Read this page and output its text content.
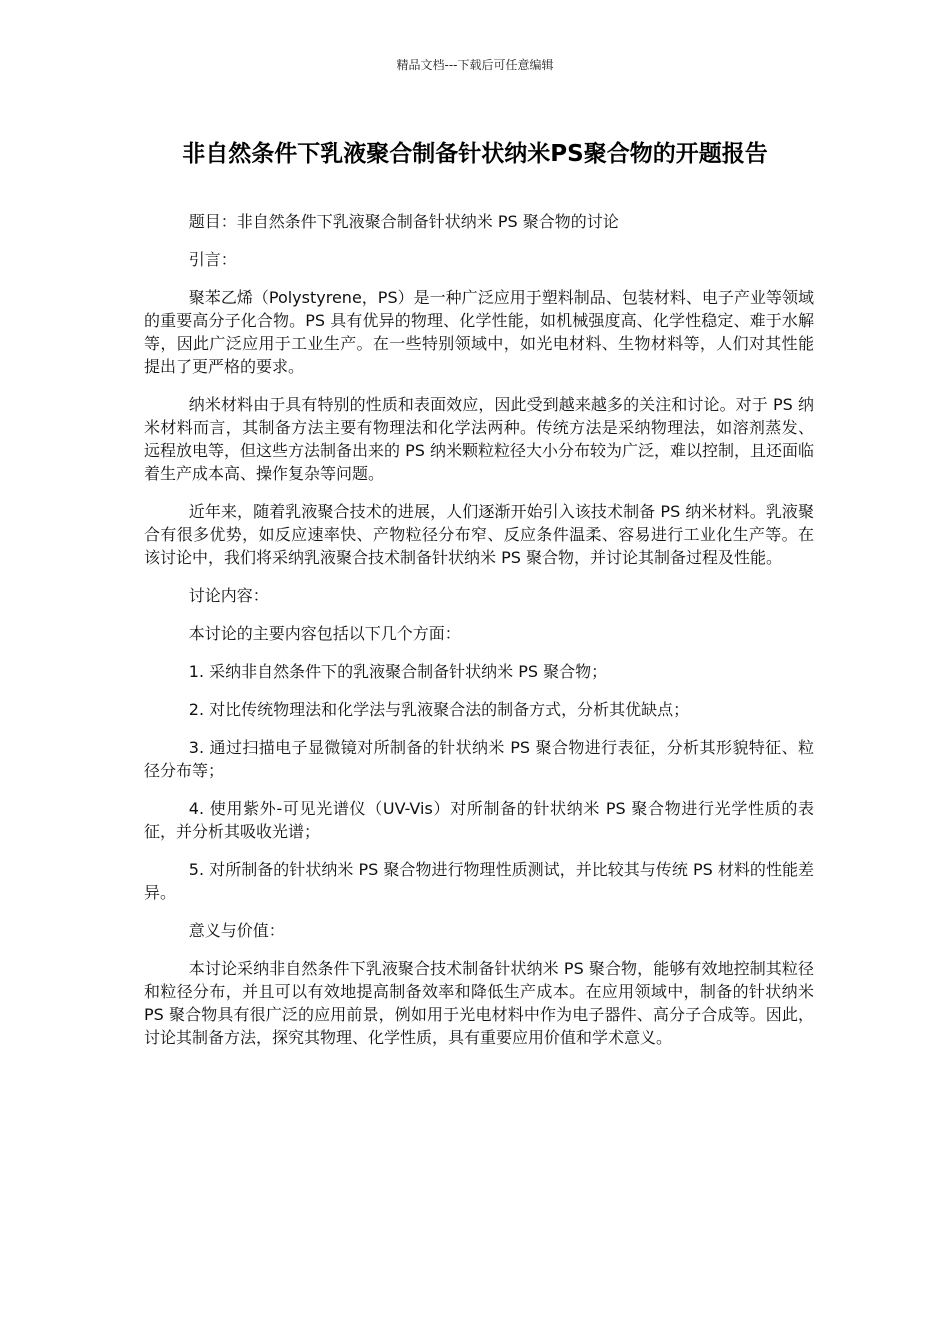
精品文档---下载后可任意编辑
非自然条件下乳液聚合制备针状纳米PS聚合物的开题报告

题目：非自然条件下乳液聚合制备针状纳米 PS 聚合物的讨论

引言：

聚苯乙烯（Polystyrene，PS）是一种广泛应用于塑料制品、包装材料、电子产业等领域的重要高分子化合物。PS 具有优异的物理、化学性能，如机械强度高、化学性稳定、难于水解等，因此广泛应用于工业生产。在一些特别领域中，如光电材料、生物材料等，人们对其性能提出了更严格的要求。

纳米材料由于具有特别的性质和表面效应，因此受到越来越多的关注和讨论。对于 PS 纳米材料而言，其制备方法主要有物理法和化学法两种。传统方法是采纳物理法，如溶剂蒸发、远程放电等，但这些方法制备出来的 PS 纳米颗粒粒径大小分布较为广泛，难以控制，且还面临着生产成本高、操作复杂等问题。

近年来，随着乳液聚合技术的进展，人们逐渐开始引入该技术制备 PS 纳米材料。乳液聚合有很多优势，如反应速率快、产物粒径分布窄、反应条件温柔、容易进行工业化生产等。在该讨论中，我们将采纳乳液聚合技术制备针状纳米 PS 聚合物，并讨论其制备过程及性能。

讨论内容：

本讨论的主要内容包括以下几个方面：

1. 采纳非自然条件下的乳液聚合制备针状纳米 PS 聚合物；

2. 对比传统物理法和化学法与乳液聚合法的制备方式，分析其优缺点；

3. 通过扫描电子显微镜对所制备的针状纳米 PS 聚合物进行表征，分析其形貌特征、粒径分布等；

4. 使用紫外-可见光谱仪（UV-Vis）对所制备的针状纳米 PS 聚合物进行光学性质的表征，并分析其吸收光谱；

5. 对所制备的针状纳米 PS 聚合物进行物理性质测试，并比较其与传统 PS 材料的性能差异。

意义与价值：

本讨论采纳非自然条件下乳液聚合技术制备针状纳米 PS 聚合物，能够有效地控制其粒径和粒径分布，并且可以有效地提高制备效率和降低生产成本。在应用领域中，制备的针状纳米 PS 聚合物具有很广泛的应用前景，例如用于光电材料中作为电子器件、高分子合成等。因此，讨论其制备方法，探究其物理、化学性质，具有重要应用价值和学术意义。
